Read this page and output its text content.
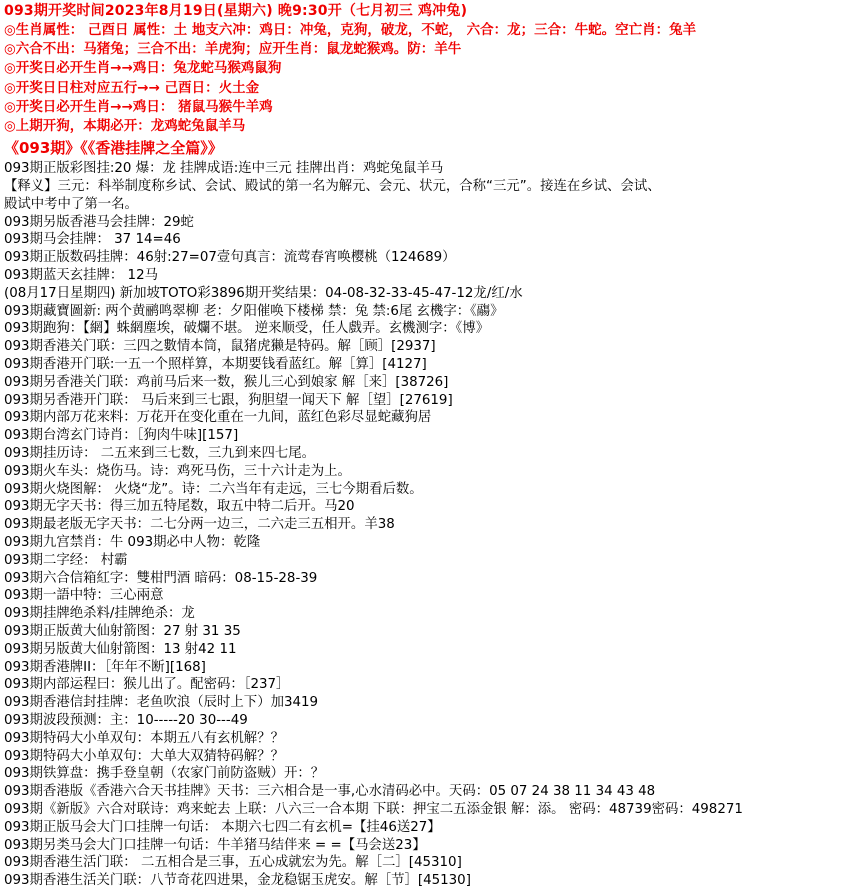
093期开奖时间2023年8月19日(星期六) 晚9:30开（七月初三 鸡冲兔)
◎生肖属性： 己酉日 属性：土 地支六冲：鸡日：冲兔，克狗，破龙，不蛇， 六合：龙；三合：牛蛇。空亡肖：兔羊
◎六合不出：马猪兔；三合不出：羊虎狗；应开生肖：鼠龙蛇猴鸡。防：羊牛
◎开奖日必开生肖→→鸡日：兔龙蛇马猴鸡鼠狗
◎开奖日日柱对应五行→→ 己酉日：火土金
◎开奖日必开生肖→→鸡日： 猪鼠马猴牛羊鸡
◎上期开狗，本期必开：龙鸡蛇兔鼠羊马
《093期》《《香港挂牌之全篇》》
093期正版彩图挂:20 爆：龙 挂牌成语:连中三元 挂牌出肖：鸡蛇兔鼠羊马
【释义】三元：科举制度称乡试、会试、殿试的第一名为解元、会元、状元，合称“三元”。接连在乡试、会试、
殿试中考中了第一名。
093期另版香港马会挂牌：29蛇
093期马会挂牌： 37 14=46
093期正版数码挂牌：46射:27=07壹句真言：流莺春宵唤樱桃（124689）
093期蓝天玄挂牌： 12马
(08月17日星期四) 新加坡TOTO彩3896期开奖结果：04-08-32-33-45-47-12龙/红/水
093期藏寶圖新: 两个黄鹂鸣翠柳 老：夕阳催唤下楼梯 禁：兔 禁:6尾 玄機字：《鬺》
093期跑狗：【網】蛛網塵埃，破爛不堪。 逆来顺受，任人戲弄。玄機测字：《博》
093期香港关门联：三四之數情本筒，鼠猪虎獭是特码。解［顾］[2937]
093期香港开门联:一五一个照样算，本期要钱看蓝红。解［算］[4127]
093期另香港关门联：鸡前马后来一数，猴儿三心到娘家 解［来］[38726]
093期另香港开门联： 马后来到三七跟，狗胆望一闻天下 解［望］[27619]
093期内部万花来料：万花开在变化重在一九间，蓝红色彩尽显蛇藏狗居
093期台湾玄门诗肖：［狗肉牛味][157]
093期挂历诗： 二五来到三七数，三九到来四七尾。
093期火车头：烧伤马。诗：鸡死马伤，三十六计走为上。
093期火烧图解： 火烧“龙”。诗：二六当年有走远，三七今期看后数。
093期无字天书：得三加五特尾数，取五中特二后开。马20
093期最老版无字天书：二七分两一边三，二六走三五相开。羊38
093期九宫禁肖：牛 093期必中人物：乾隆
093期二字经： 村霸
093期六合信箱紅字：雙柑門酒 暗码：08-15-28-39
093期一語中特：三心兩意
093期挂牌绝杀料/挂牌绝杀：龙
093期正版黄大仙射箭图：27 射 31 35
093期另版黄大仙射箭图：13 射42 11
093期香港牌II：［年年不断][168]
093期内部运程曰：猴儿出了。配密码：［237］
093期香港信封挂牌：老鱼吹浪（辰时上下）加3419
093期波段预测：主：10-----20 30---49
093期特码大小单双句：本期五八有玄机解？？
093期特码大小单双句：大单大双猜特码解？？
093期铁算盘：携手登皇朝（农家门前防盗贼）开：？
093期香港版《香港六合天书挂牌》天书：三六相合是一事,心水清码必中。天码：05 07 24 38 11 34 43 48
093期《新版》六合对联诗：鸡来蛇去 上联：八六三一合本期 下联：押宝二五添金银 解：添。 密码：48739密码：498271
093期正版马会大门口挂牌一句话： 本期六七四二有玄机=【挂46送27】
093期另类马会大门口挂牌一句话：牛羊猪马结伴来 = =【马会送23】
093期香港生活门联： 二五相合是三事，五心成就宏为先。解［二］[45310]
093期香港生活关门联：八节奇花四进果，金龙稳锯玉虎安。解［节］[45130]
